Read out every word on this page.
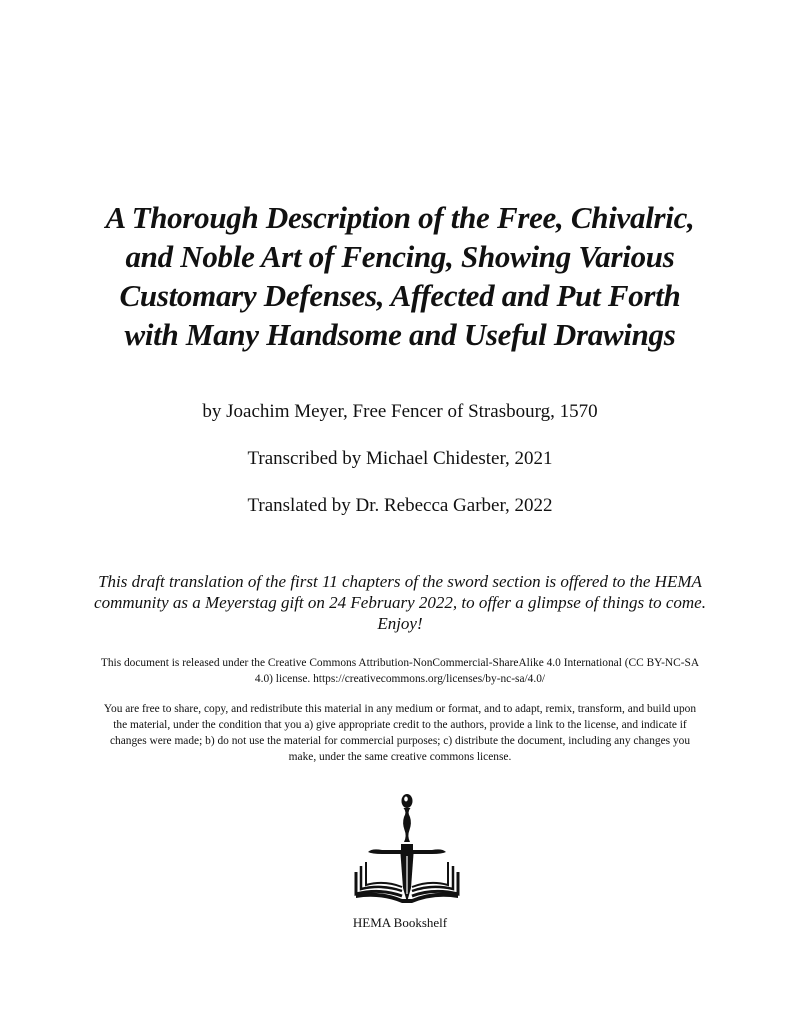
A Thorough Description of the Free, Chivalric,
and Noble Art of Fencing, Showing Various
Customary Defenses, Affected and Put Forth
with Many Handsome and Useful Drawings

by Joachim Meyer, Free Fencer of Strasbourg, 1570

Transcribed by Michael Chidester, 2021

Translated by Dr. Rebecca Garber, 2022

This draft translation of the first 11 chapters of the sword section is offered to the HEMA community as a Meyerstag gift on 24 February 2022, to offer a glimpse of things to come. Enjoy!

This document is released under the Creative Commons Attribution-NonCommercial-ShareAlike 4.0 International (CC BY-NC-SA 4.0) license. https://creativecommons.org/licenses/by-nc-sa/4.0/

You are free to share, copy, and redistribute this material in any medium or format, and to adapt, remix, transform, and build upon the material, under the condition that you a) give appropriate credit to the authors, provide a link to the license, and indicate if changes were made; b) do not use the material for commercial purposes; c) distribute the document, including any changes you make, under the same creative commons license.

HEMA Bookshelf
